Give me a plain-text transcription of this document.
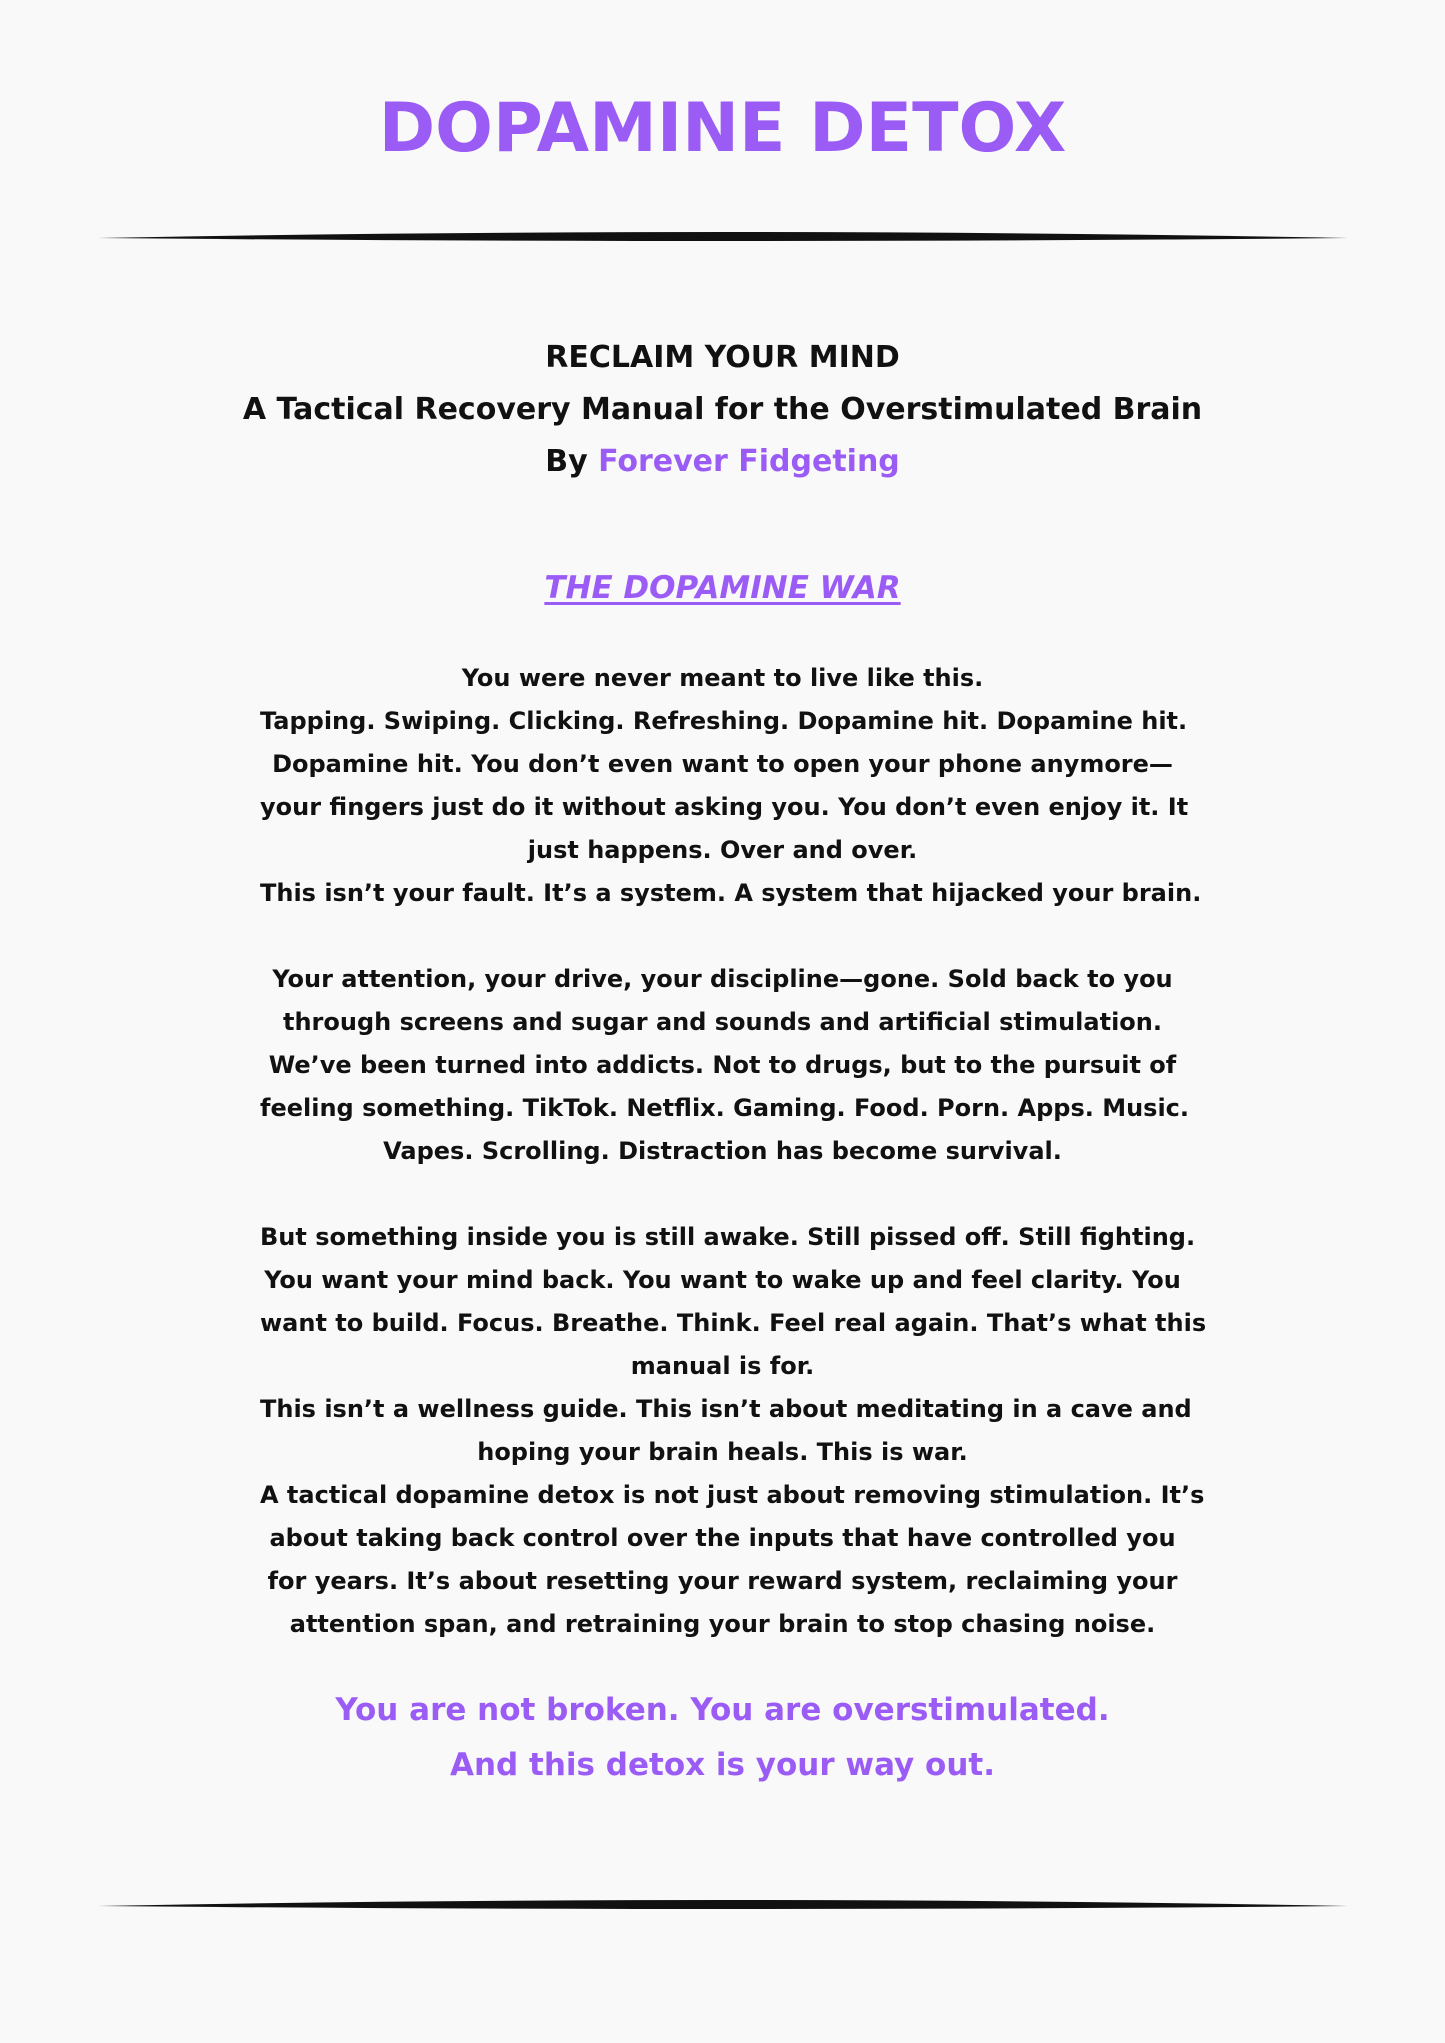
DOPAMINE DETOX
RECLAIM YOUR MIND
A Tactical Recovery Manual for the Overstimulated Brain
By Forever Fidgeting
THE DOPAMINE WAR
You were never meant to live like this.
Tapping. Swiping. Clicking. Refreshing. Dopamine hit. Dopamine hit.
Dopamine hit. You don’t even want to open your phone anymore—
your fingers just do it without asking you. You don’t even enjoy it. It
just happens. Over and over.
This isn’t your fault. It’s a system. A system that hijacked your brain.
Your attention, your drive, your discipline—gone. Sold back to you
through screens and sugar and sounds and artificial stimulation.
We’ve been turned into addicts. Not to drugs, but to the pursuit of
feeling something. TikTok. Netflix. Gaming. Food. Porn. Apps. Music.
Vapes. Scrolling. Distraction has become survival.
But something inside you is still awake. Still pissed off. Still fighting.
You want your mind back. You want to wake up and feel clarity. You
want to build. Focus. Breathe. Think. Feel real again. That’s what this
manual is for.
This isn’t a wellness guide. This isn’t about meditating in a cave and
hoping your brain heals. This is war.
A tactical dopamine detox is not just about removing stimulation. It’s
about taking back control over the inputs that have controlled you
for years. It’s about resetting your reward system, reclaiming your
attention span, and retraining your brain to stop chasing noise.
You are not broken. You are overstimulated.
And this detox is your way out.
